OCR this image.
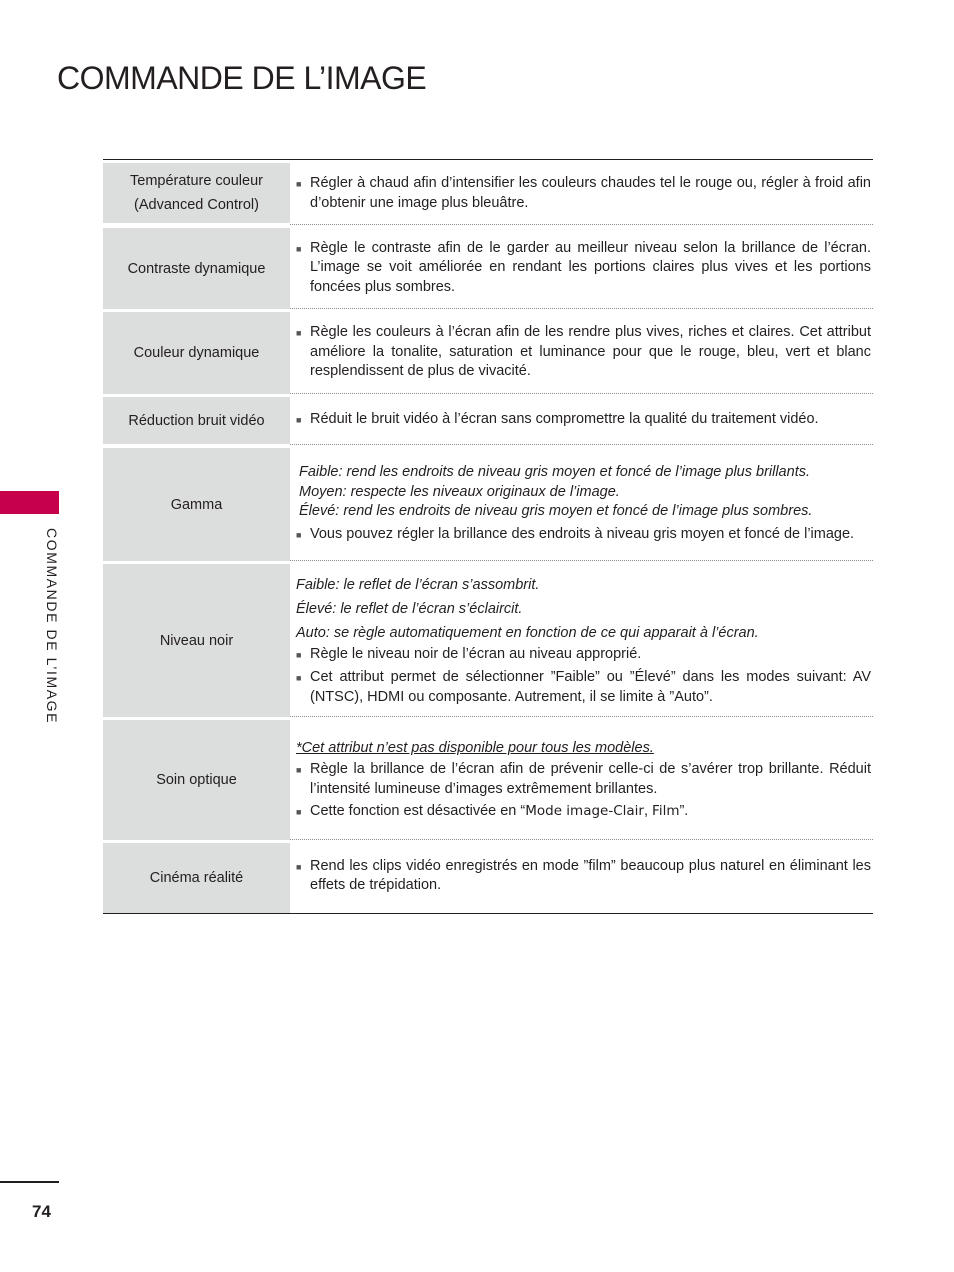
COMMANDE DE L’IMAGE
COMMANDE DE L’IMAGE
Température couleur (Advanced Control)
■ Régler à chaud afin d’intensifier les couleurs chaudes tel le rouge ou, régler à froid afin d’obtenir une image plus bleuâtre.
Contraste dynamique
■ Règle le contraste afin de le garder au meilleur niveau selon la brillance de l’écran. L’image se voit améliorée en rendant les portions claires plus vives et les portions foncées plus sombres.
Couleur dynamique
■ Règle les couleurs à l’écran afin de les rendre plus vives, riches et claires. Cet attribut améliore la tonalite, saturation et luminance pour que le rouge, bleu, vert et blanc resplendissent de plus de vivacité.
Réduction bruit vidéo	■ Réduit le bruit vidéo à l’écran sans compromettre la qualité du traitement vidéo.
Gamma
Faible: rend les endroits de niveau gris moyen et foncé de l’image plus brillants.
Moyen: respecte les niveaux originaux de l’image.
Élevé: rend les endroits de niveau gris moyen et foncé de l’image plus sombres.
■ Vous pouvez régler la brillance des endroits à niveau gris moyen et foncé de l’image.
Niveau noir
Faible: le reflet de l’écran s’assombrit.
Élevé: le reflet de l’écran s’éclaircit.
Auto: se règle automatiquement en fonction de ce qui apparait à l’écran.
■ Règle le niveau noir de l’écran au niveau approprié.
■ Cet attribut permet de sélectionner ”Faible” ou ”Élevé” dans les modes suivant: AV (NTSC), HDMI ou composante. Autrement, il se limite à ”Auto”.
Soin optique
*Cet attribut n’est pas disponible pour tous les modèles.
■ Règle la brillance de l’écran afin de prévenir celle-ci de s’avérer trop brillante. Réduit l’intensité lumineuse d’images extrêmement brillantes.
■ Cette fonction est désactivée en “Mode image-Clair, Film”.
Cinéma réalité
■ Rend les clips vidéo enregistrés en mode ”film” beaucoup plus naturel en éliminant les effets de trépidation.
74
